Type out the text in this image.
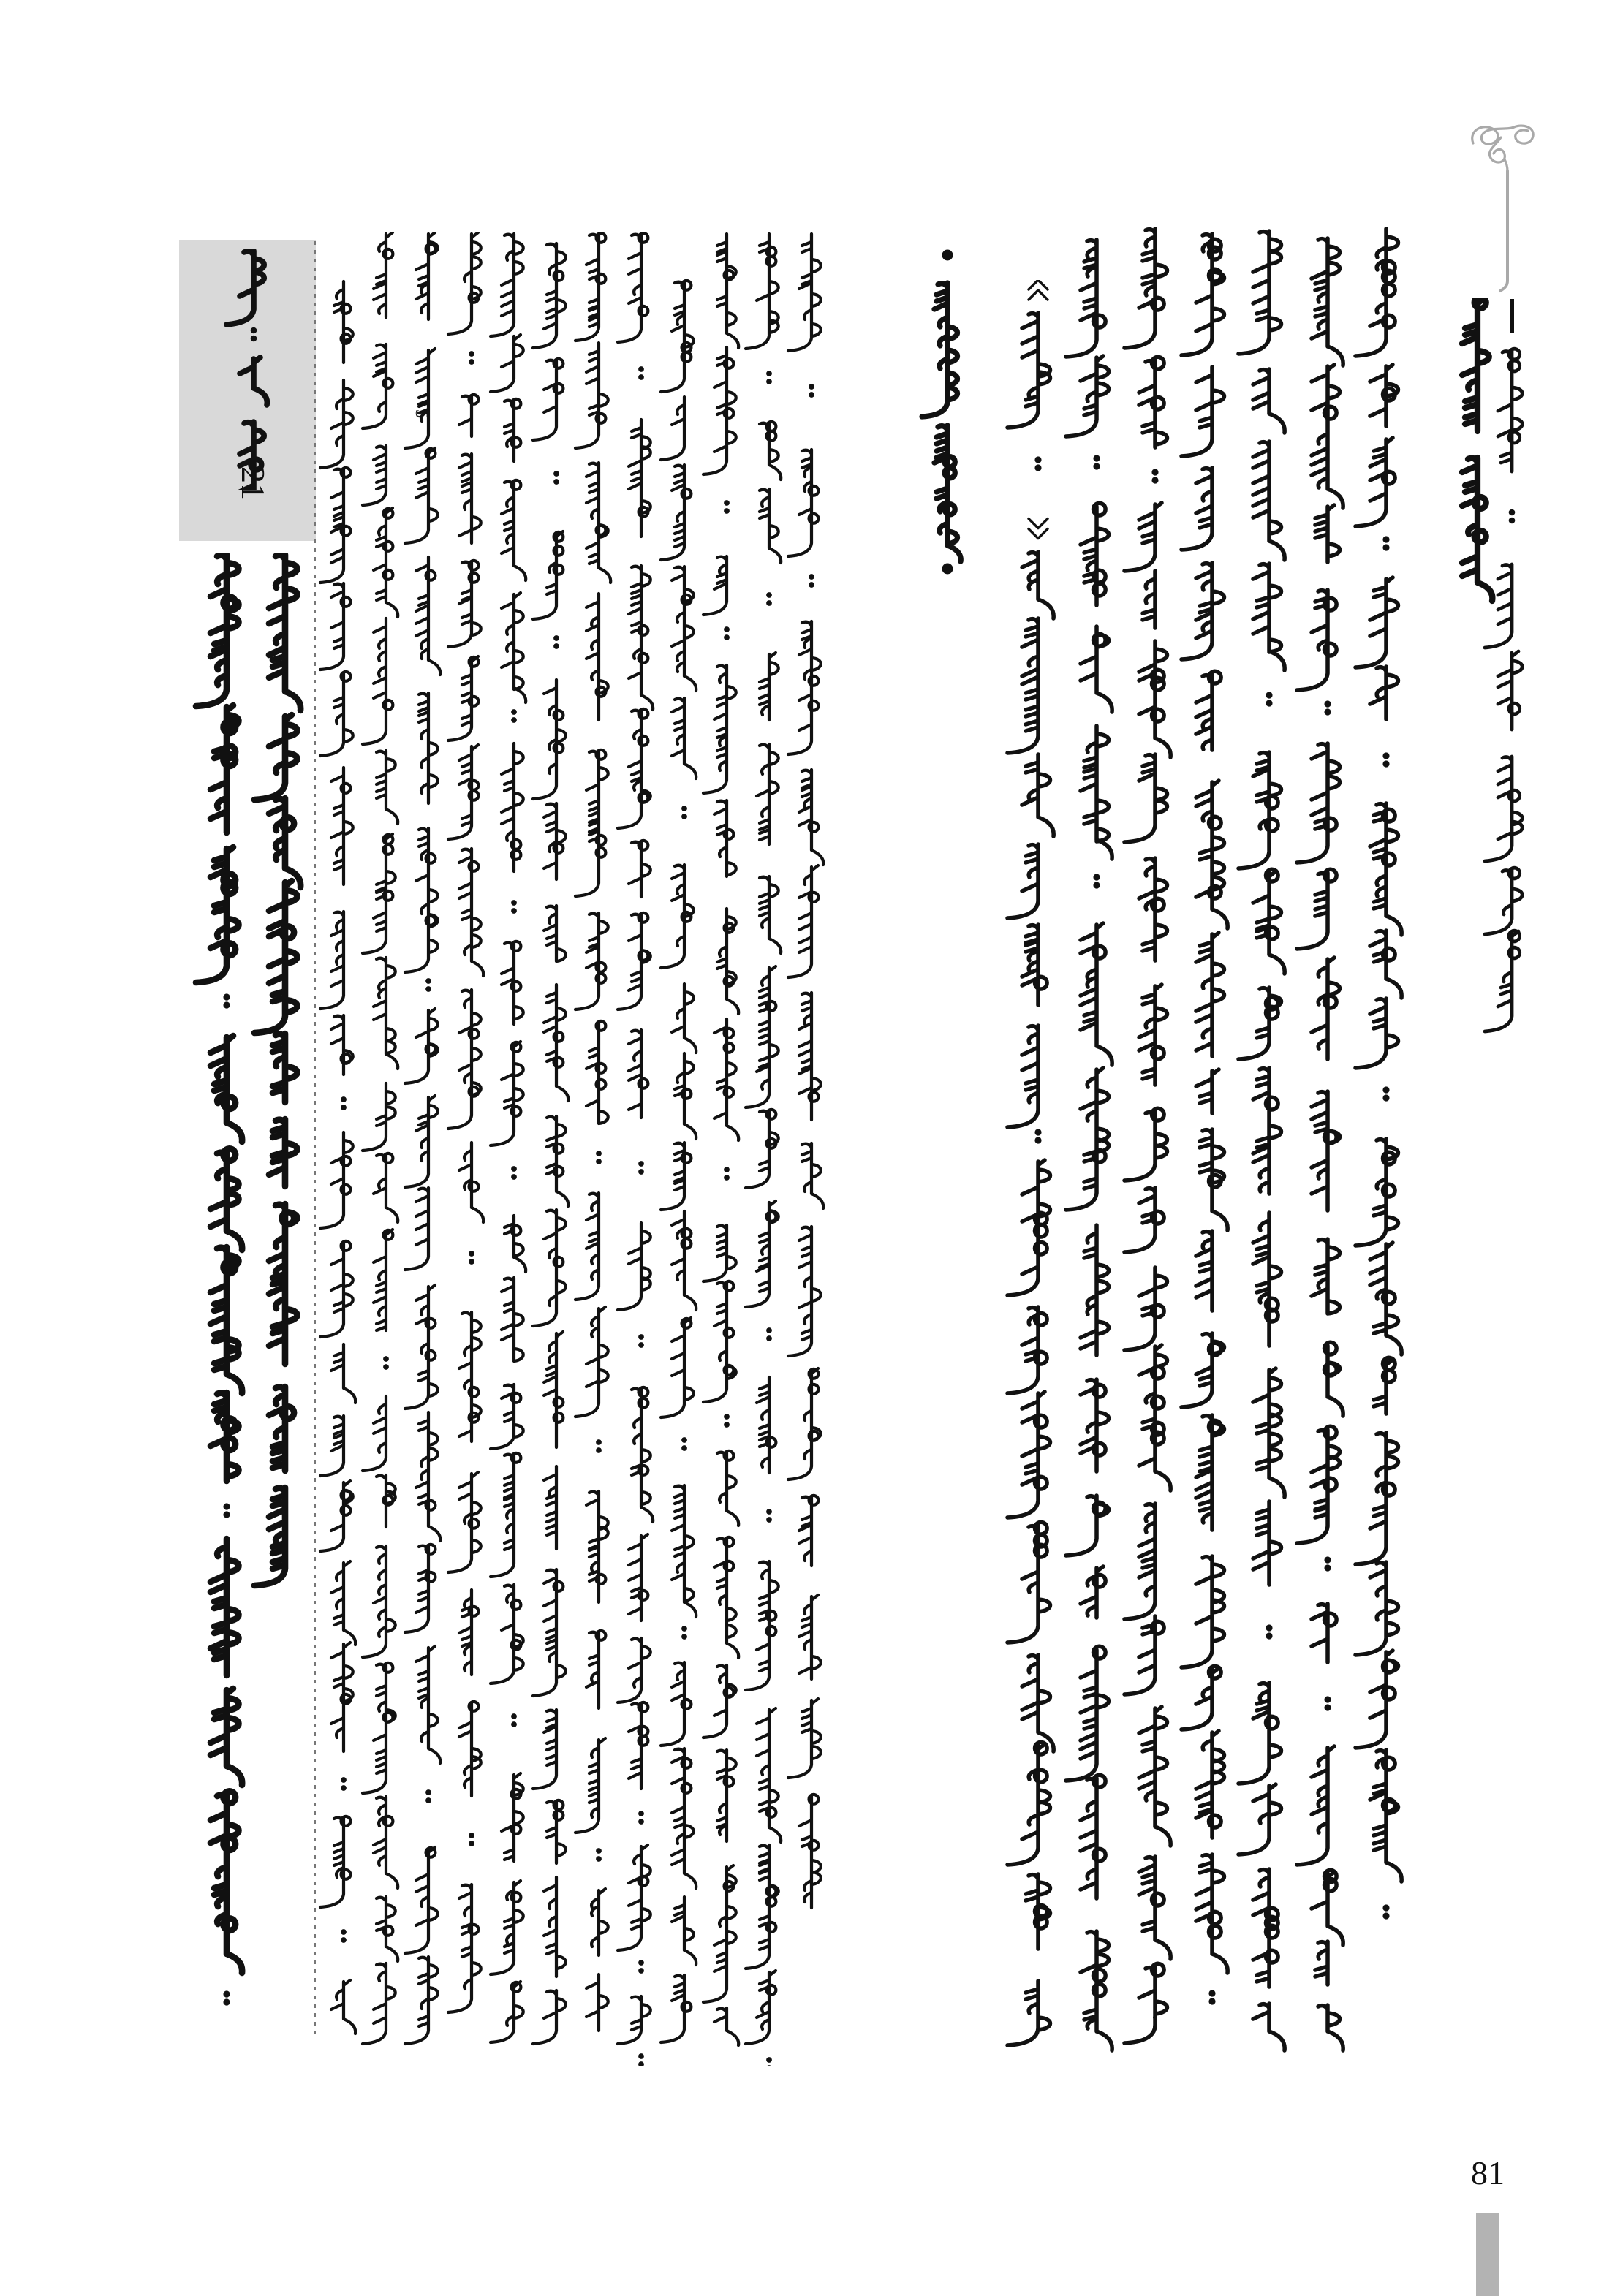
21
5
81
